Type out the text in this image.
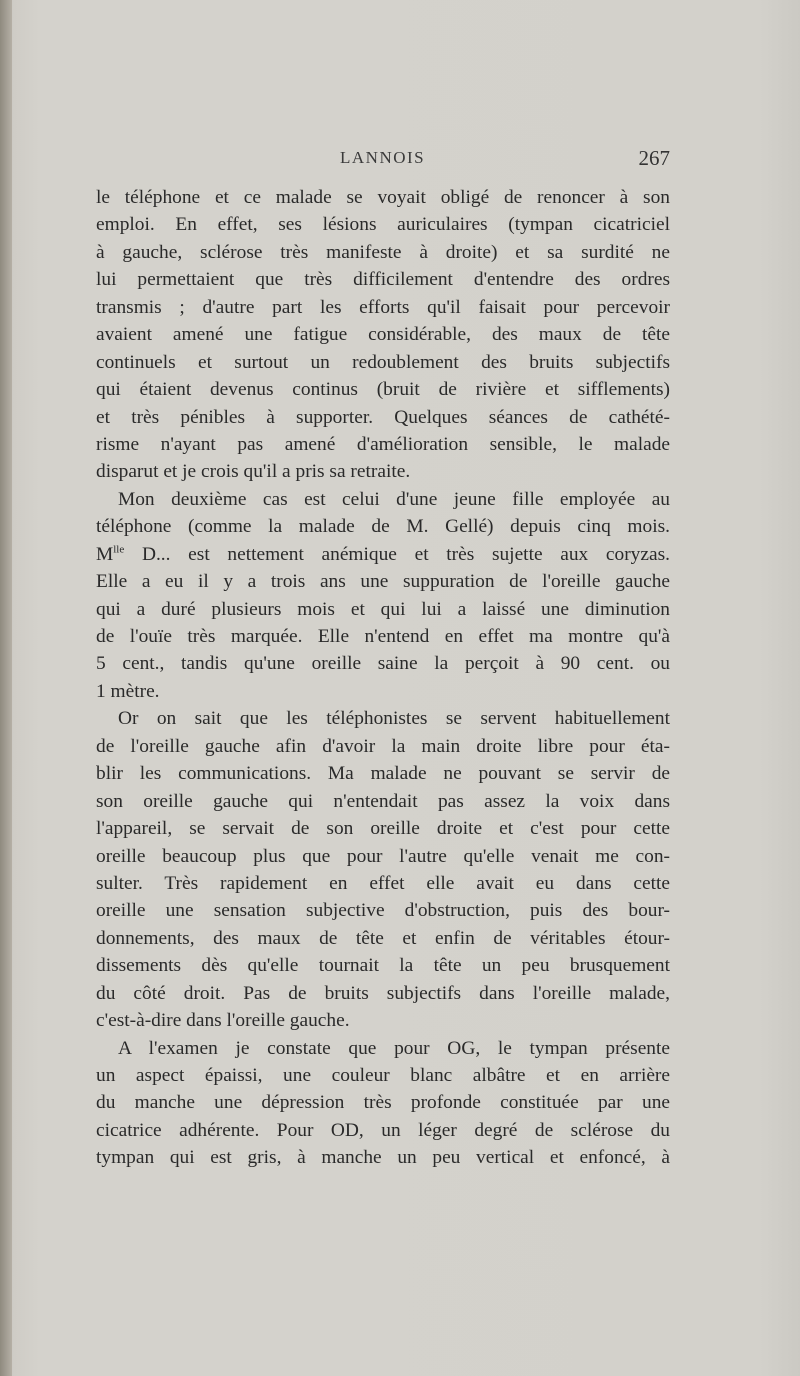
LANNOIS	267
le téléphone et ce malade se voyait obligé de renoncer à son
emploi. En effet, ses lésions auriculaires (tympan cicatriciel
à gauche, sclérose très manifeste à droite) et sa surdité ne
lui permettaient que très difficilement d'entendre des ordres
transmis ; d'autre part les efforts qu'il faisait pour percevoir
avaient amené une fatigue considérable, des maux de tête
continuels et surtout un redoublement des bruits subjectifs
qui étaient devenus continus (bruit de rivière et sifflements)
et très pénibles à supporter. Quelques séances de cathété-
risme n'ayant pas amené d'amélioration sensible, le malade
disparut et je crois qu'il a pris sa retraite.
Mon deuxième cas est celui d'une jeune fille employée au
téléphone (comme la malade de M. Gellé) depuis cinq mois.
$M^{lle}$ D... est nettement anémique et très sujette aux coryzas.
Elle a eu il y a trois ans une suppuration de l'oreille gauche
qui a duré plusieurs mois et qui lui a laissé une diminution
de l'ouïe très marquée. Elle n'entend en effet ma montre qu'à
5 cent., tandis qu'une oreille saine la perçoit à 90 cent. ou
1 mètre.
Or on sait que les téléphonistes se servent habituellement
de l'oreille gauche afin d'avoir la main droite libre pour éta-
blir les communications. Ma malade ne pouvant se servir de
son oreille gauche qui n'entendait pas assez la voix dans
l'appareil, se servait de son oreille droite et c'est pour cette
oreille beaucoup plus que pour l'autre qu'elle venait me con-
sulter. Très rapidement en effet elle avait eu dans cette
oreille une sensation subjective d'obstruction, puis des bour-
donnements, des maux de tête et enfin de véritables étour-
dissements dès qu'elle tournait la tête un peu brusquement
du côté droit. Pas de bruits subjectifs dans l'oreille malade,
c'est-à-dire dans l'oreille gauche.
A l'examen je constate que pour OG, le tympan présente
un aspect épaissi, une couleur blanc albâtre et en arrière
du manche une dépression très profonde constituée par une
cicatrice adhérente. Pour OD, un léger degré de sclérose du
tympan qui est gris, à manche un peu vertical et enfoncé, à
